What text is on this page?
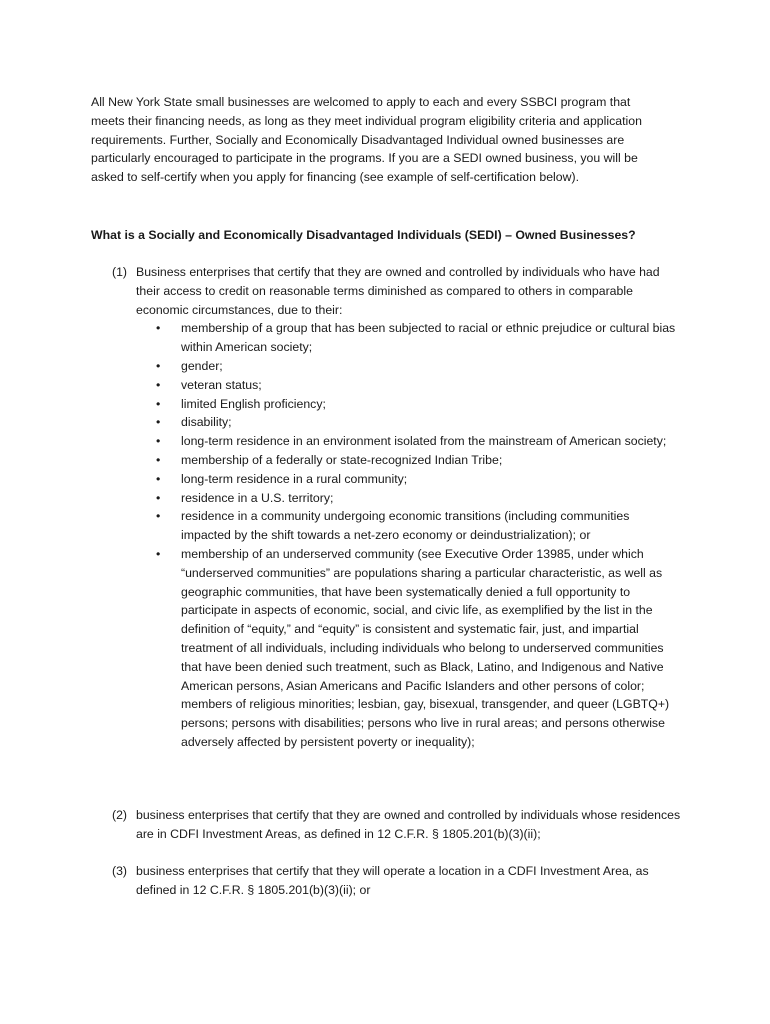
All New York State small businesses are welcomed to apply to each and every SSBCI program that meets their financing needs, as long as they meet individual program eligibility criteria and application requirements. Further, Socially and Economically Disadvantaged Individual owned businesses are particularly encouraged to participate in the programs. If you are a SEDI owned business, you will be asked to self-certify when you apply for financing (see example of self-certification below).

What is a Socially and Economically Disadvantaged Individuals (SEDI) – Owned Businesses?

(1) Business enterprises that certify that they are owned and controlled by individuals who have had their access to credit on reasonable terms diminished as compared to others in comparable economic circumstances, due to their:
• membership of a group that has been subjected to racial or ethnic prejudice or cultural bias within American society;
• gender;
• veteran status;
• limited English proficiency;
• disability;
• long-term residence in an environment isolated from the mainstream of American society;
• membership of a federally or state-recognized Indian Tribe;
• long-term residence in a rural community;
• residence in a U.S. territory;
• residence in a community undergoing economic transitions (including communities impacted by the shift towards a net-zero economy or deindustrialization); or
• membership of an underserved community (see Executive Order 13985, under which “underserved communities” are populations sharing a particular characteristic, as well as geographic communities, that have been systematically denied a full opportunity to participate in aspects of economic, social, and civic life, as exemplified by the list in the definition of “equity,” and “equity” is consistent and systematic fair, just, and impartial treatment of all individuals, including individuals who belong to underserved communities that have been denied such treatment, such as Black, Latino, and Indigenous and Native American persons, Asian Americans and Pacific Islanders and other persons of color; members of religious minorities; lesbian, gay, bisexual, transgender, and queer (LGBTQ+) persons; persons with disabilities; persons who live in rural areas; and persons otherwise adversely affected by persistent poverty or inequality);
(2) business enterprises that certify that they are owned and controlled by individuals whose residences are in CDFI Investment Areas, as defined in 12 C.F.R. § 1805.201(b)(3)(ii);
(3) business enterprises that certify that they will operate a location in a CDFI Investment Area, as defined in 12 C.F.R. § 1805.201(b)(3)(ii); or
